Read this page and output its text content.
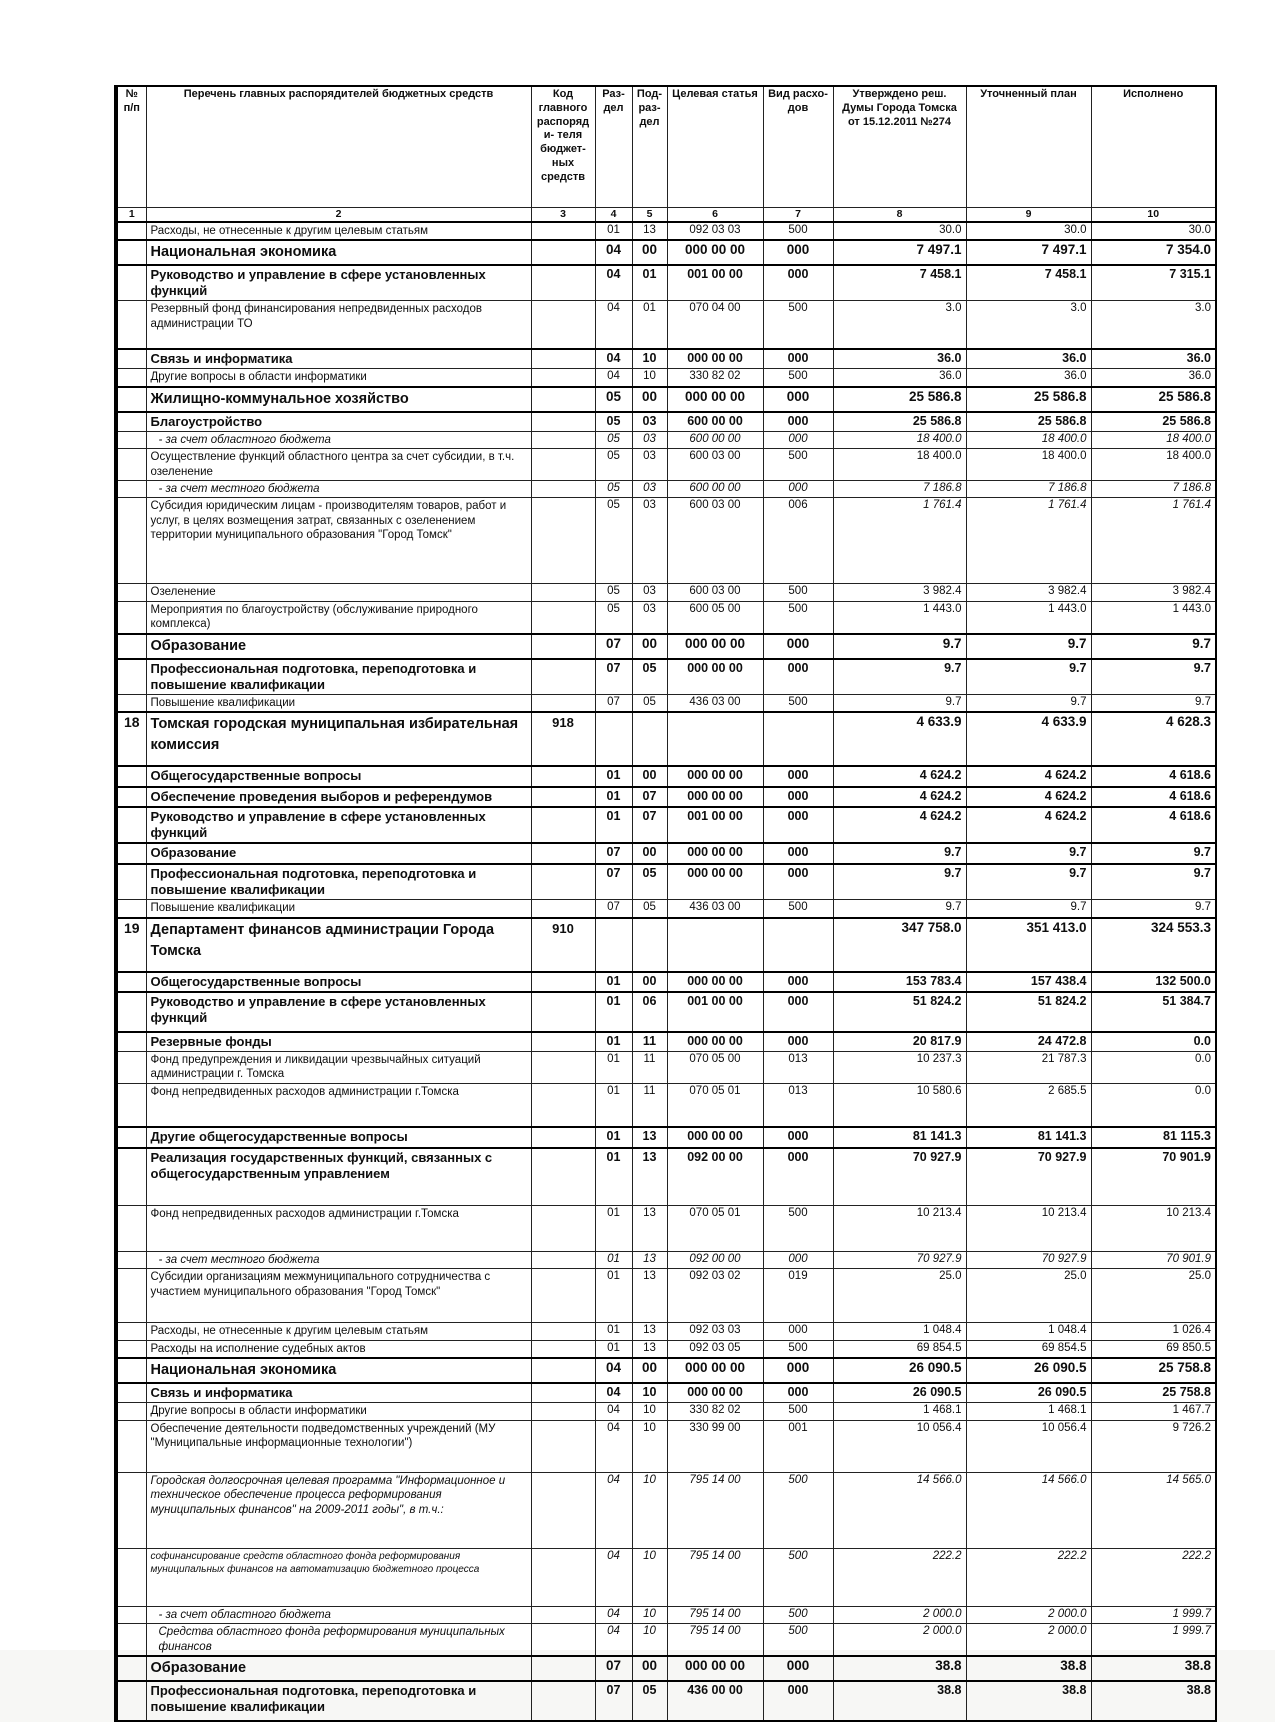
№ п/п	Перечень главных распорядителей бюджетных средств	Код главного распоряди- теля бюджет- ных средств	Раз- дел	Под- раз- дел	Целевая статья	Вид расхо- дов	Утверждено реш. Думы Города Томска от 15.12.2011 №274	Уточненный план	Исполнено
1	2	3	4	5	6	7	8	9	10
	Расходы, не отнесенные к другим целевым статьям		01	13	092 03 03	500	30.0	30.0	30.0
	Национальная экономика		04	00	000 00 00	000	7 497.1	7 497.1	7 354.0
	Руководство и управление в сфере установленных функций		04	01	001 00 00	000	7 458.1	7 458.1	7 315.1
	Резервный фонд финансирования непредвиденных расходов администрации ТО		04	01	070 04 00	500	3.0	3.0	3.0
	Связь и информатика		04	10	000 00 00	000	36.0	36.0	36.0
	Другие вопросы в области информатики		04	10	330 82 02	500	36.0	36.0	36.0
	Жилищно-коммунальное хозяйство		05	00	000 00 00	000	25 586.8	25 586.8	25 586.8
	Благоустройство		05	03	600 00 00	000	25 586.8	25 586.8	25 586.8
	- за счет областного бюджета		05	03	600 00 00	000	18 400.0	18 400.0	18 400.0
	Осуществление функций областного центра за счет субсидии, в т.ч. озеленение		05	03	600 03 00	500	18 400.0	18 400.0	18 400.0
	- за счет местного бюджета		05	03	600 00 00	000	7 186.8	7 186.8	7 186.8
	Субсидия юридическим лицам - производителям товаров, работ и услуг, в целях возмещения затрат, связанных с озеленением территории муниципального образования "Город Томск"		05	03	600 03 00	006	1 761.4	1 761.4	1 761.4
	Озеленение		05	03	600 03 00	500	3 982.4	3 982.4	3 982.4
	Мероприятия по благоустройству (обслуживание природного комплекса)		05	03	600 05 00	500	1 443.0	1 443.0	1 443.0
	Образование		07	00	000 00 00	000	9.7	9.7	9.7
	Профессиональная подготовка, переподготовка и повышение квалификации		07	05	000 00 00	000	9.7	9.7	9.7
	Повышение квалификации		07	05	436 03 00	500	9.7	9.7	9.7
18	Томская городская муниципальная избирательная комиссия	918					4 633.9	4 633.9	4 628.3
	Общегосударственные вопросы		01	00	000 00 00	000	4 624.2	4 624.2	4 618.6
	Обеспечение проведения выборов и референдумов		01	07	000 00 00	000	4 624.2	4 624.2	4 618.6
	Руководство и управление в сфере установленных функций		01	07	001 00 00	000	4 624.2	4 624.2	4 618.6
	Образование		07	00	000 00 00	000	9.7	9.7	9.7
	Профессиональная подготовка, переподготовка и повышение квалификации		07	05	000 00 00	000	9.7	9.7	9.7
	Повышение квалификации		07	05	436 03 00	500	9.7	9.7	9.7
19	Департамент финансов администрации Города Томска	910					347 758.0	351 413.0	324 553.3
	Общегосударственные вопросы		01	00	000 00 00	000	153 783.4	157 438.4	132 500.0
	Руководство и управление в сфере установленных функций		01	06	001 00 00	000	51 824.2	51 824.2	51 384.7
	Резервные фонды		01	11	000 00 00	000	20 817.9	24 472.8	0.0
	Фонд предупреждения и ликвидации чрезвычайных ситуаций администрации г. Томска		01	11	070 05 00	013	10 237.3	21 787.3	0.0
	Фонд непредвиденных расходов администрации г.Томска		01	11	070 05 01	013	10 580.6	2 685.5	0.0
	Другие общегосударственные вопросы		01	13	000 00 00	000	81 141.3	81 141.3	81 115.3
	Реализация государственных функций, связанных с общегосударственным управлением		01	13	092 00 00	000	70 927.9	70 927.9	70 901.9
	Фонд непредвиденных расходов администрации г.Томска		01	13	070 05 01	500	10 213.4	10 213.4	10 213.4
	- за счет местного бюджета		01	13	092 00 00	000	70 927.9	70 927.9	70 901.9
	Субсидии организациям межмуниципального сотрудничества с участием муниципального образования "Город Томск"		01	13	092 03 02	019	25.0	25.0	25.0
	Расходы, не отнесенные к другим целевым статьям		01	13	092 03 03	000	1 048.4	1 048.4	1 026.4
	Расходы на исполнение судебных актов		01	13	092 03 05	500	69 854.5	69 854.5	69 850.5
	Национальная экономика		04	00	000 00 00	000	26 090.5	26 090.5	25 758.8
	Связь и информатика		04	10	000 00 00	000	26 090.5	26 090.5	25 758.8
	Другие вопросы в области информатики		04	10	330 82 02	500	1 468.1	1 468.1	1 467.7
	Обеспечение деятельности подведомственных учреждений (МУ "Муниципальные информационные технологии")		04	10	330 99 00	001	10 056.4	10 056.4	9 726.2
	Городская долгосрочная целевая программа "Информационное и техническое обеспечение процесса реформирования муниципальных финансов" на 2009-2011 годы", в т.ч.:		04	10	795 14 00	500	14 566.0	14 566.0	14 565.0
	софинансирование средств областного фонда реформирования муниципальных финансов на автоматизацию бюджетного процесса		04	10	795 14 00	500	222.2	222.2	222.2
	- за счет областного бюджета		04	10	795 14 00	500	2 000.0	2 000.0	1 999.7
	Средства областного фонда реформирования муниципальных финансов		04	10	795 14 00	500	2 000.0	2 000.0	1 999.7
	Образование		07	00	000 00 00	000	38.8	38.8	38.8
	Профессиональная подготовка, переподготовка и повышение квалификации		07	05	436 00 00	000	38.8	38.8	38.8
